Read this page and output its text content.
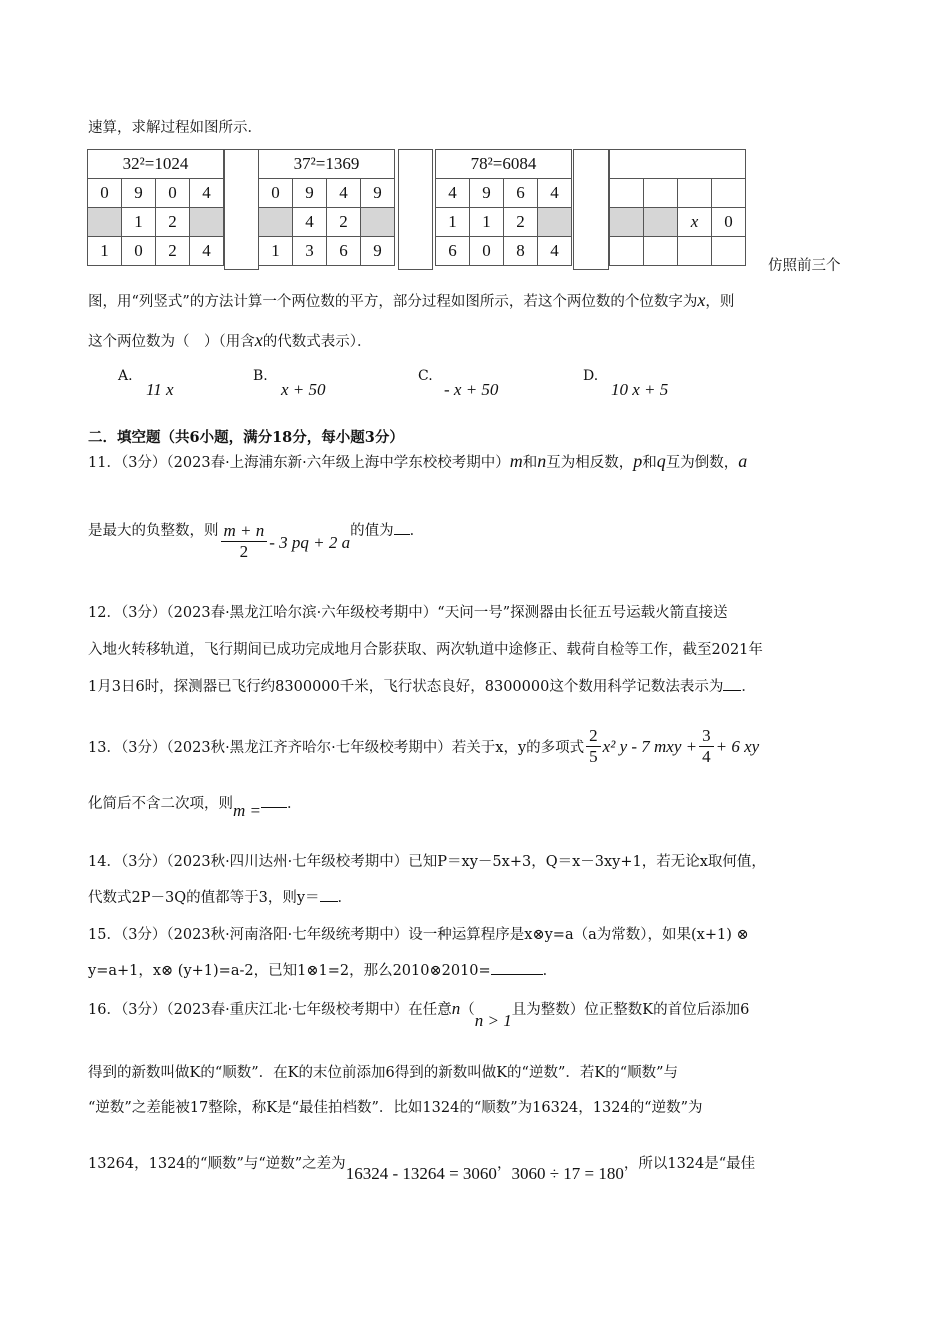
速算，求解过程如图所示．
32²=1024			
0	9	0	4
	1	2	
1	0	2	4
37²=1369			
0	9	4	9
	4	2	
1	3	6	9
78²=6084			
4	9	6	4
1	1	2	
6	0	8	4

		x	0

仿照前三个
图，用“列竖式”的方法计算一个两位数的平方，部分过程如图所示，若这个两位数的个位数字为x，则
这个两位数为（　）（用含x的代数式表示）．
A.
11 x
B.
x + 50
C.
- x + 50
D.
10 x + 5
二．填空题（共6小题，满分18分，每小题3分）
11．（3分）（2023春·上海浦东新·六年级上海中学东校校考期中）m和n互为相反数，p和q互为倒数，a
是最大的负整数，则 $\frac{m + n}{2} - 3$ pq + 2 a的值为 ．
12．（3分）（2023春·黑龙江哈尔滨·六年级校考期中）“天问一号”探测器由长征五号运载火箭直接送
入地火转移轨道，飞行期间已成功完成地月合影获取、两次轨道中途修正、载荷自检等工作，截至2021年
1月3日6时，探测器已飞行约8300000千米，飞行状态良好，8300000这个数用科学记数法表示为 ．
13．（3分）（2023秋·黑龙江齐齐哈尔·七年级校考期中）若关于x，y的多项式 $\frac{2}{5} x^2$ y - 7 mxy + $\frac{3}{4} + 6$ xy
化简后不含二次项，则m = ．
14．（3分）（2023秋·四川达州·七年级校考期中）已知P＝xy－5x+3，Q＝x－3xy+1，若无论x取何值，
代数式2P－3Q的值都等于3，则y＝ ．
15．（3分）（2023秋·河南洛阳·七年级统考期中）设一种运算程序是x⊗y=a（a为常数），如果(x+1) ⊗
y=a+1，x⊗ (y+1)=a-2，已知1⊗1=2，那么2010⊗2010=	．
16．（3分）（2023春·重庆江北·七年级校考期中）在任意n（n > 1且为整数）位正整数K的首位后添加6
得到的新数叫做K的“顺数”．在K的末位前添加6得到的新数叫做K的“逆数”．若K的“顺数”与
“逆数”之差能被17整除，称K是“最佳拍档数”．比如1324的“顺数”为16324，1324的“逆数”为
13264，1324的“顺数”与“逆数”之差为16324 - 13264 = 3060，3060 ÷ 17 = 180，所以1324是“最佳
